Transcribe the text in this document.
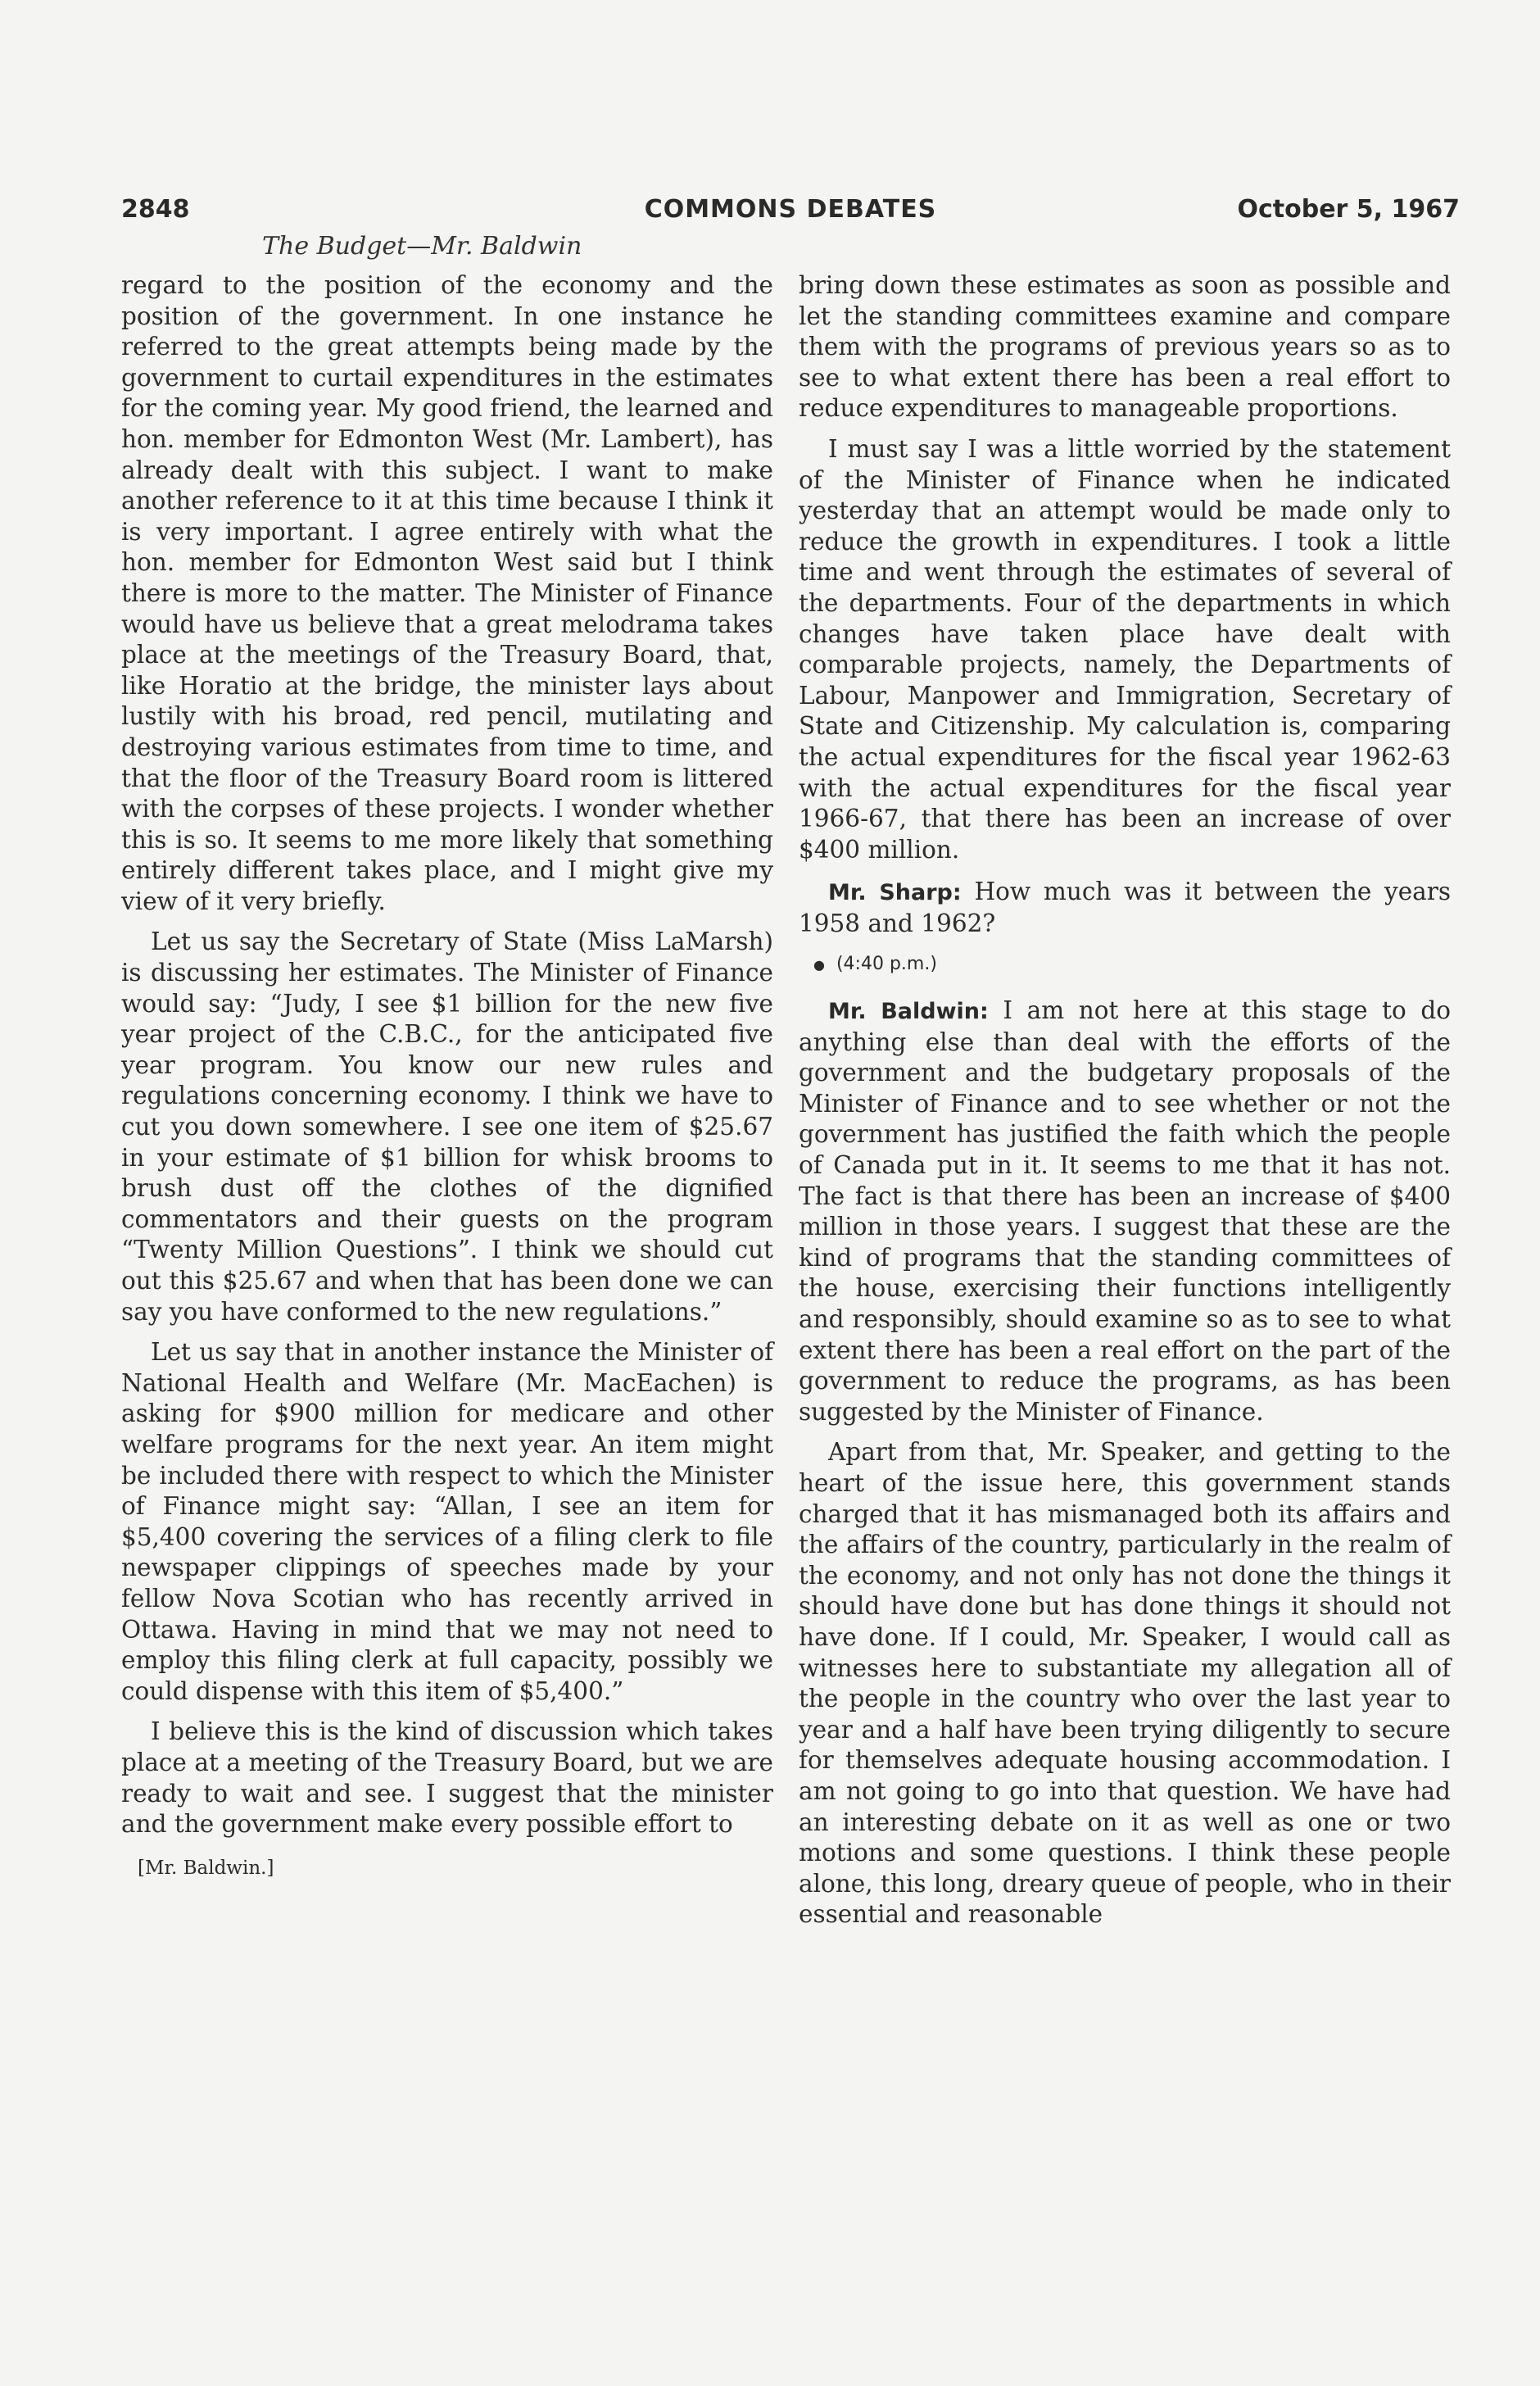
2848	COMMONS DEBATES	October 5, 1967
The Budget—Mr. Baldwin

regard to the position of the economy and the position of the government. In one instance he referred to the great attempts being made by the government to curtail expenditures in the estimates for the coming year. My good friend, the learned and hon. member for Edmonton West (Mr. Lambert), has already dealt with this subject. I want to make another reference to it at this time because I think it is very important. I agree entirely with what the hon. member for Edmonton West said but I think there is more to the matter. The Minister of Finance would have us believe that a great melodrama takes place at the meetings of the Treasury Board, that, like Horatio at the bridge, the minister lays about lustily with his broad, red pencil, mutilating and destroying various estimates from time to time, and that the floor of the Treasury Board room is littered with the corpses of these projects. I wonder whether this is so. It seems to me more likely that something entirely different takes place, and I might give my view of it very briefly.

Let us say the Secretary of State (Miss LaMarsh) is discussing her estimates. The Minister of Finance would say: “Judy, I see $1 billion for the new five year project of the C.B.C., for the anticipated five year program. You know our new rules and regulations concerning economy. I think we have to cut you down somewhere. I see one item of $25.67 in your estimate of $1 billion for whisk brooms to brush dust off the clothes of the dignified commentators and their guests on the program “Twenty Million Questions”. I think we should cut out this $25.67 and when that has been done we can say you have conformed to the new regulations.”

Let us say that in another instance the Minister of National Health and Welfare (Mr. MacEachen) is asking for $900 million for medicare and other welfare programs for the next year. An item might be included there with respect to which the Minister of Finance might say: “Allan, I see an item for $5,400 covering the services of a filing clerk to file newspaper clippings of speeches made by your fellow Nova Scotian who has recently arrived in Ottawa. Having in mind that we may not need to employ this filing clerk at full capacity, possibly we could dispense with this item of $5,400.”

I believe this is the kind of discussion which takes place at a meeting of the Treasury Board, but we are ready to wait and see. I suggest that the minister and the government make every possible effort to

[Mr. Baldwin.]

bring down these estimates as soon as possible and let the standing committees examine and compare them with the programs of previous years so as to see to what extent there has been a real effort to reduce expenditures to manageable proportions.

I must say I was a little worried by the statement of the Minister of Finance when he indicated yesterday that an attempt would be made only to reduce the growth in expenditures. I took a little time and went through the estimates of several of the departments. Four of the departments in which changes have taken place have dealt with comparable projects, namely, the Departments of Labour, Manpower and Immigration, Secretary of State and Citizenship. My calculation is, comparing the actual expenditures for the fiscal year 1962-63 with the actual expenditures for the fiscal year 1966-67, that there has been an increase of over $400 million.

Mr. Sharp: How much was it between the years 1958 and 1962?

● (4:40 p.m.)

Mr. Baldwin: I am not here at this stage to do anything else than deal with the efforts of the government and the budgetary proposals of the Minister of Finance and to see whether or not the government has justified the faith which the people of Canada put in it. It seems to me that it has not. The fact is that there has been an increase of $400 million in those years. I suggest that these are the kind of programs that the standing committees of the house, exercising their functions intelligently and responsibly, should examine so as to see to what extent there has been a real effort on the part of the government to reduce the programs, as has been suggested by the Minister of Finance.

Apart from that, Mr. Speaker, and getting to the heart of the issue here, this government stands charged that it has mismanaged both its affairs and the affairs of the country, particularly in the realm of the economy, and not only has not done the things it should have done but has done things it should not have done. If I could, Mr. Speaker, I would call as witnesses here to substantiate my allegation all of the people in the country who over the last year to year and a half have been trying diligently to secure for themselves adequate housing accommodation. I am not going to go into that question. We have had an interesting debate on it as well as one or two motions and some questions. I think these people alone, this long, dreary queue of people, who in their essential and reasonable
